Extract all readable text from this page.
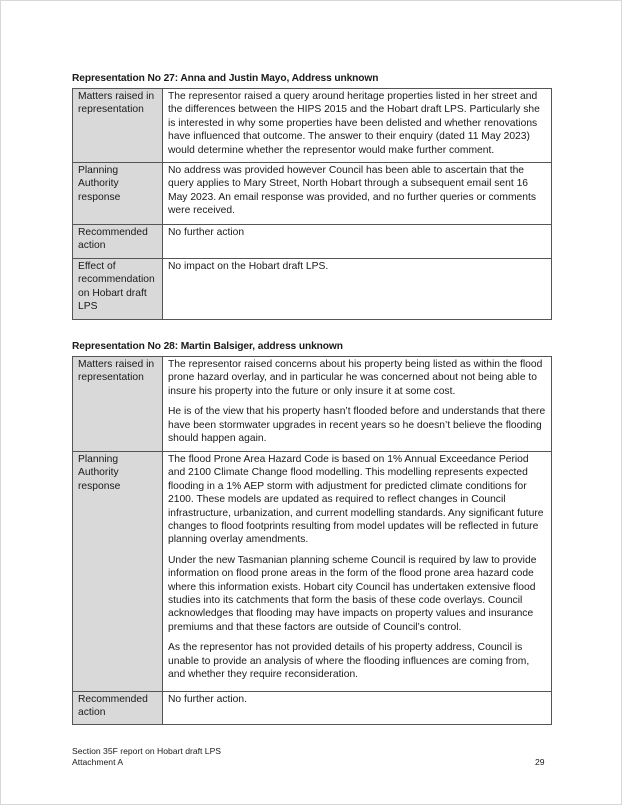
Representation No 27: Anna and Justin Mayo, Address unknown
Matters raised in representation	The representor raised a query around heritage properties listed in her street and the differences between the HIPS 2015 and the Hobart draft LPS. Particularly she is interested in why some properties have been delisted and whether renovations have influenced that outcome. The answer to their enquiry (dated 11 May 2023) would determine whether the representor would make further comment.

Planning Authority response	No address was provided however Council has been able to ascertain that the query applies to Mary Street, North Hobart through a subsequent email sent 16 May 2023. An email response was provided, and no further queries or comments were received.

Recommended action	No further action

Effect of recommendation on Hobart draft LPS	No impact on the Hobart draft LPS.

Representation No 28: Martin Balsiger, address unknown
Matters raised in representation	The representor raised concerns about his property being listed as within the flood prone hazard overlay, and in particular he was concerned about not being able to insure his property into the future or only insure it at some cost.

He is of the view that his property hasn’t flooded before and understands that there have been stormwater upgrades in recent years so he doesn’t believe the flooding should happen again.

Planning Authority response	The flood Prone Area Hazard Code is based on 1% Annual Exceedance Period and 2100 Climate Change flood modelling. This modelling represents expected flooding in a 1% AEP storm with adjustment for predicted climate conditions for 2100. These models are updated as required to reflect changes in Council infrastructure, urbanization, and current modelling standards. Any significant future changes to flood footprints resulting from model updates will be reflected in future planning overlay amendments.

Under the new Tasmanian planning scheme Council is required by law to provide information on flood prone areas in the form of the flood prone area hazard code where this information exists. Hobart city Council has undertaken extensive flood studies into its catchments that form the basis of these code overlays. Council acknowledges that flooding may have impacts on property values and insurance premiums and that these factors are outside of Council’s control.

As the representor has not provided details of his property address, Council is unable to provide an analysis of where the flooding influences are coming from, and whether they require reconsideration.

Recommended action	No further action.

Section 35F report on Hobart draft LPS
Attachment A	29
